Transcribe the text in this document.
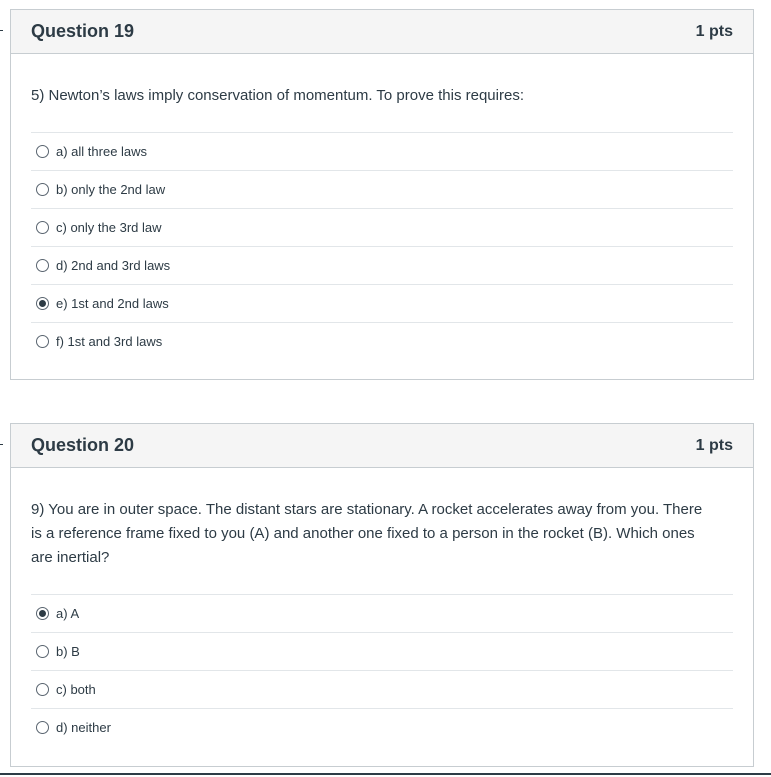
Question 19	1 pts

5) Newton’s laws imply conservation of momentum. To prove this requires:

a) all three laws
b) only the 2nd law
c) only the 3rd law
d) 2nd and 3rd laws
e) 1st and 2nd laws
f) 1st and 3rd laws
Question 20	1 pts

9) You are in outer space. The distant stars are stationary. A rocket accelerates away from you. There is a reference frame fixed to you (A) and another one fixed to a person in the rocket (B). Which ones are inertial?

a) A
b) B
c) both
d) neither
